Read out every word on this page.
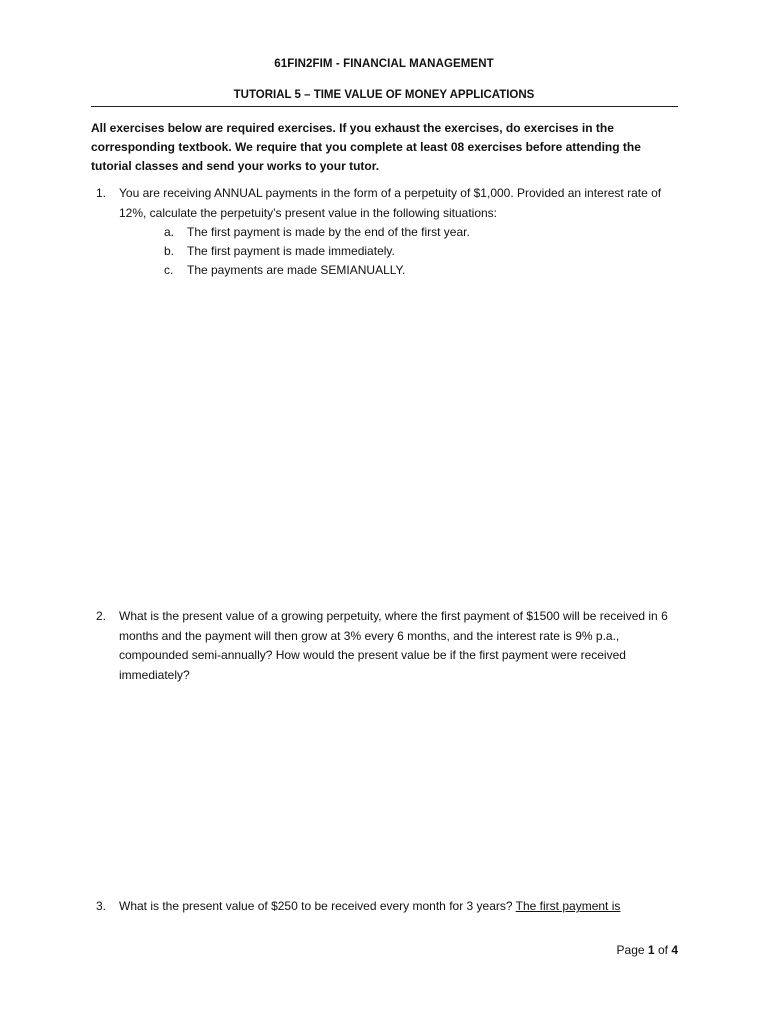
61FIN2FIM - FINANCIAL MANAGEMENT
TUTORIAL 5 – TIME VALUE OF MONEY APPLICATIONS
All exercises below are required exercises. If you exhaust the exercises, do exercises in the corresponding textbook. We require that you complete at least 08 exercises before attending the tutorial classes and send your works to your tutor.
1. You are receiving ANNUAL payments in the form of a perpetuity of $1,000. Provided an interest rate of 12%, calculate the perpetuity’s present value in the following situations:
a. The first payment is made by the end of the first year.
b. The first payment is made immediately.
c. The payments are made SEMIANUALLY.
2. What is the present value of a growing perpetuity, where the first payment of $1500 will be received in 6 months and the payment will then grow at 3% every 6 months, and the interest rate is 9% p.a., compounded semi-annually? How would the present value be if the first payment were received immediately?
3. What is the present value of $250 to be received every month for 3 years? The first payment is
Page 1 of 4
